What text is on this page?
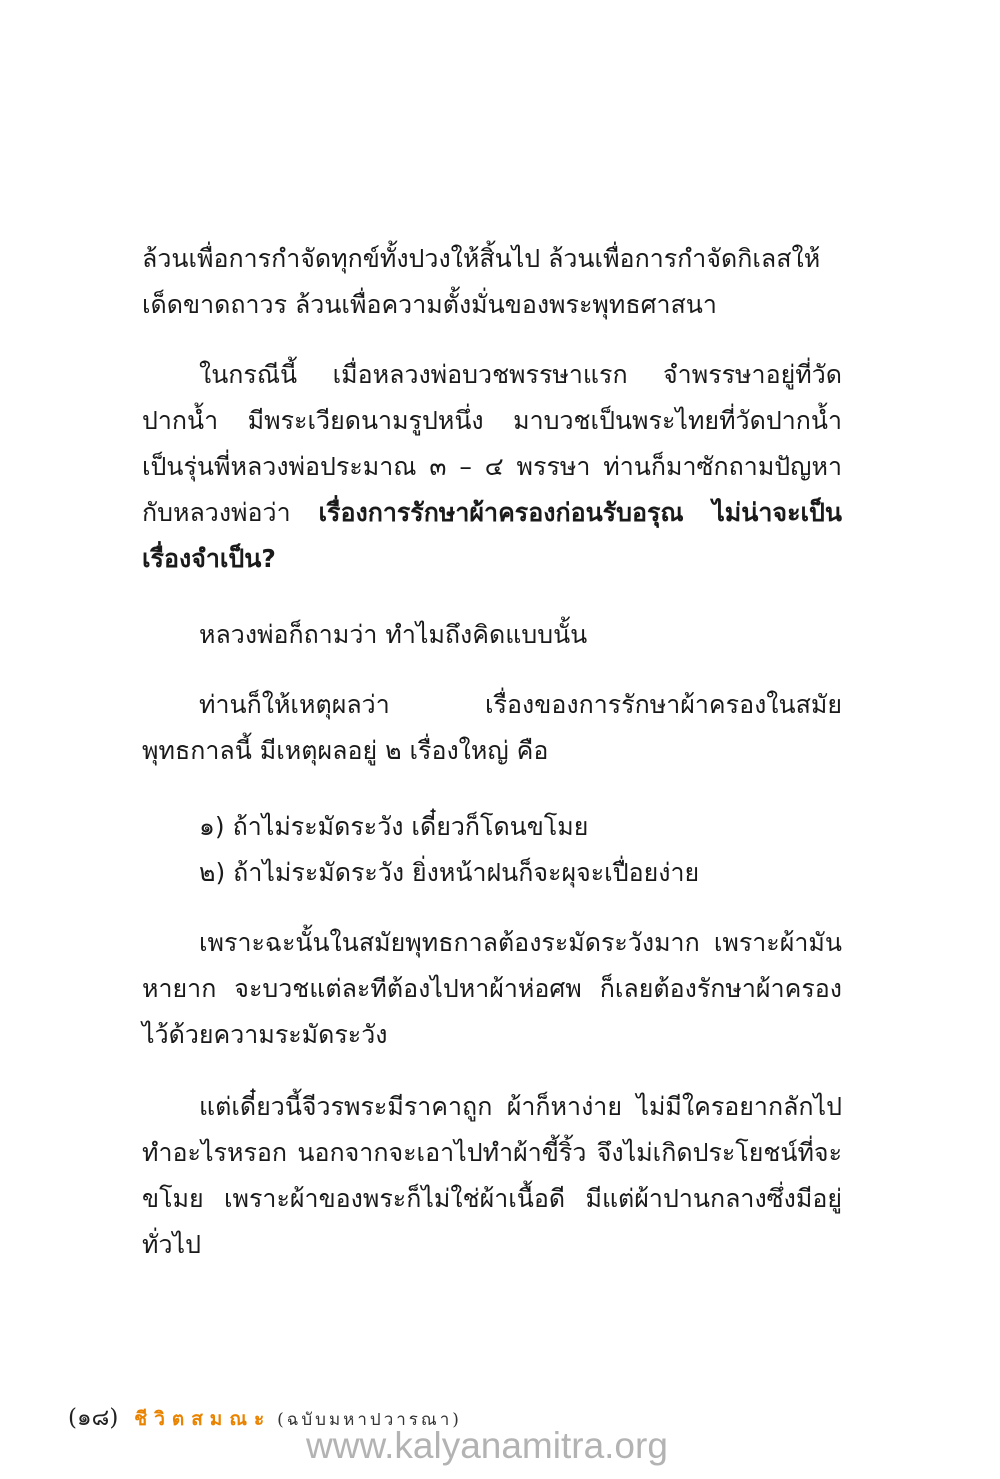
ล้วนเพื่อการกำจัดทุกข์ทั้งปวงให้สิ้นไป ล้วนเพื่อการกำจัดกิเลสให้
เด็ดขาดถาวร ล้วนเพื่อความตั้งมั่นของพระพุทธศาสนา

ในกรณีนี้ เมื่อหลวงพ่อบวชพรรษาแรก จำพรรษาอยู่ที่วัดปากน้ำ มีพระเวียดนามรูปหนึ่ง มาบวชเป็นพระไทยที่วัดปากน้ำ เป็นรุ่นพี่หลวงพ่อประมาณ ๓ – ๔ พรรษา ท่านก็มาซักถามปัญหากับหลวงพ่อว่า เรื่องการรักษาผ้าครองก่อนรับอรุณ ไม่น่าจะเป็นเรื่องจำเป็น?

หลวงพ่อก็ถามว่า ทำไมถึงคิดแบบนั้น

ท่านก็ให้เหตุผลว่า เรื่องของการรักษาผ้าครองในสมัยพุทธกาลนี้ มีเหตุผลอยู่ ๒ เรื่องใหญ่ คือ

๑) ถ้าไม่ระมัดระวัง เดี๋ยวก็โดนขโมย

๒) ถ้าไม่ระมัดระวัง ยิ่งหน้าฝนก็จะผุจะเปื่อยง่าย

เพราะฉะนั้นในสมัยพุทธกาลต้องระมัดระวังมาก เพราะผ้ามันหายาก จะบวชแต่ละทีต้องไปหาผ้าห่อศพ ก็เลยต้องรักษาผ้าครองไว้ด้วยความระมัดระวัง

แต่เดี๋ยวนี้จีวรพระมีราคาถูก ผ้าก็หาง่าย ไม่มีใครอยากลักไปทำอะไรหรอก นอกจากจะเอาไปทำผ้าขี้ริ้ว จึงไม่เกิดประโยชน์ที่จะขโมย เพราะผ้าของพระก็ไม่ใช่ผ้าเนื้อดี มีแต่ผ้าปานกลางซึ่งมีอยู่ทั่วไป

(๑๘) ชีวิตสมณะ (ฉบับมหาปวารณา)
www.kalyanamitra.org
